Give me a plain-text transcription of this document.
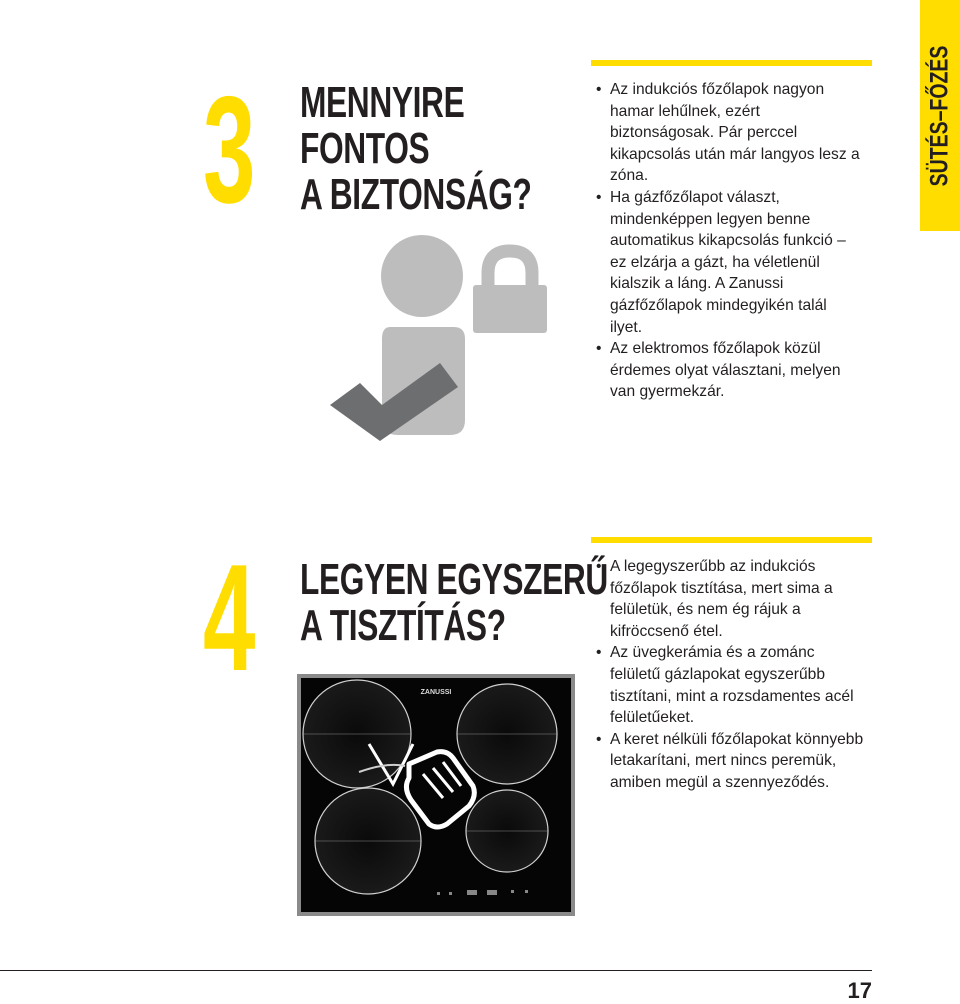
SÜTÉS–FŐZÉS
3 MENNYIRE
FONTOS
A BIZTONSÁG?
• Az indukciós főzőlapok nagyon hamar lehűlnek, ezért biztonságosak. Pár perccel kikapcsolás után már langyos lesz a zóna.
• Ha gázfőzőlapot választ, mindenképpen legyen benne automatikus kikapcsolás funkció – ez elzárja a gázt, ha véletlenül kialszik a láng. A Zanussi gázfőzőlapok mindegyikén talál ilyet.
• Az elektromos főzőlapok közül érdemes olyat választani, melyen van gyermekzár.
4 LEGYEN EGYSZERŰ
A TISZTÍTÁS?
• A legegyszerűbb az indukciós főzőlapok tisztítása, mert sima a felületük, és nem ég rájuk a kifröccsenő étel.
• Az üvegkerámia és a zománc felületű gázlapokat egyszerűbb tisztítani, mint a rozsdamentes acél felületűeket.
• A keret nélküli főzőlapokat könnyebb letakarítani, mert nincs peremük, amiben megül a szennyeződés.
ZANUSSI
17
